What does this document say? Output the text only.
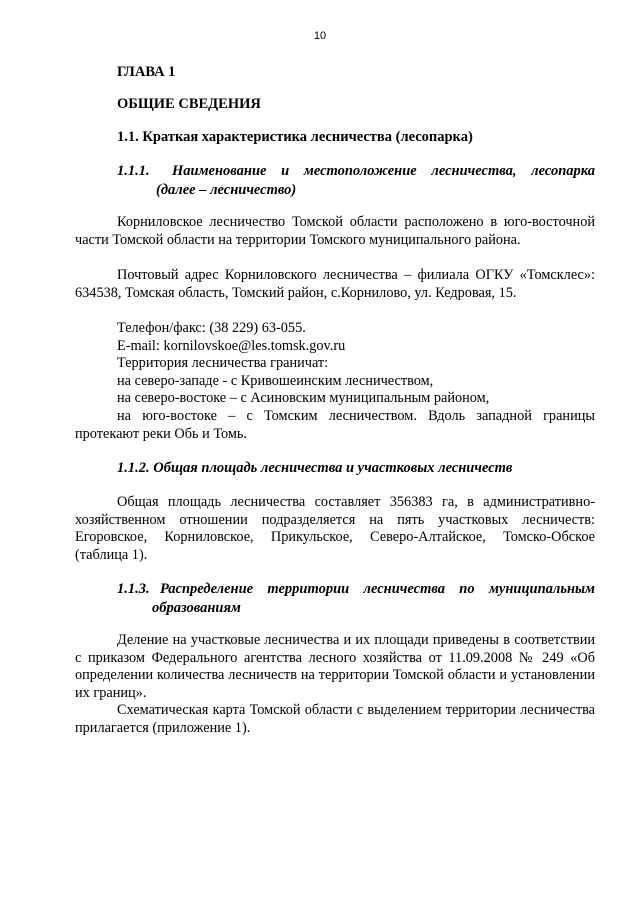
10
ГЛАВА 1
ОБЩИЕ СВЕДЕНИЯ
1.1. Краткая характеристика лесничества (лесопарка)
1.1.1. Наименование и местоположение лесничества, лесопарка
(далее – лесничество)
Корниловское лесничество Томской области расположено в юго-восточной части Томской области на территории Томского муниципального района.
Почтовый адрес Корниловского лесничества – филиала ОГКУ «Томсклес»: 634538, Томская область, Томский район, с.Корнилово, ул. Кедровая, 15.
Телефон/факс: (38 229) 63-055.
E-mail: kornilovskoe@les.tomsk.gov.ru
Территория лесничества граничат:
на северо-западе - с Кривошеинским лесничеством,
на северо-востоке – с Асиновским муниципальным районом,
на юго-востоке – с Томским лесничеством. Вдоль западной границы протекают реки Обь и Томь.
1.1.2. Общая площадь лесничества и участковых лесничеств
Общая площадь лесничества составляет 356383 га, в административно-хозяйственном отношении подразделяется на пять участковых лесничеств: Егоровское, Корниловское, Прикульское, Северо-Алтайское, Томско-Обское (таблица 1).
1.1.3. Распределение территории лесничества по муниципальным
образованиям
Деление на участковые лесничества и их площади приведены в соответствии с приказом Федерального агентства лесного хозяйства от 11.09.2008 № 249 «Об определении количества лесничеств на территории Томской области и установлении их границ».
Схематическая карта Томской области с выделением территории лесничества прилагается (приложение 1).
